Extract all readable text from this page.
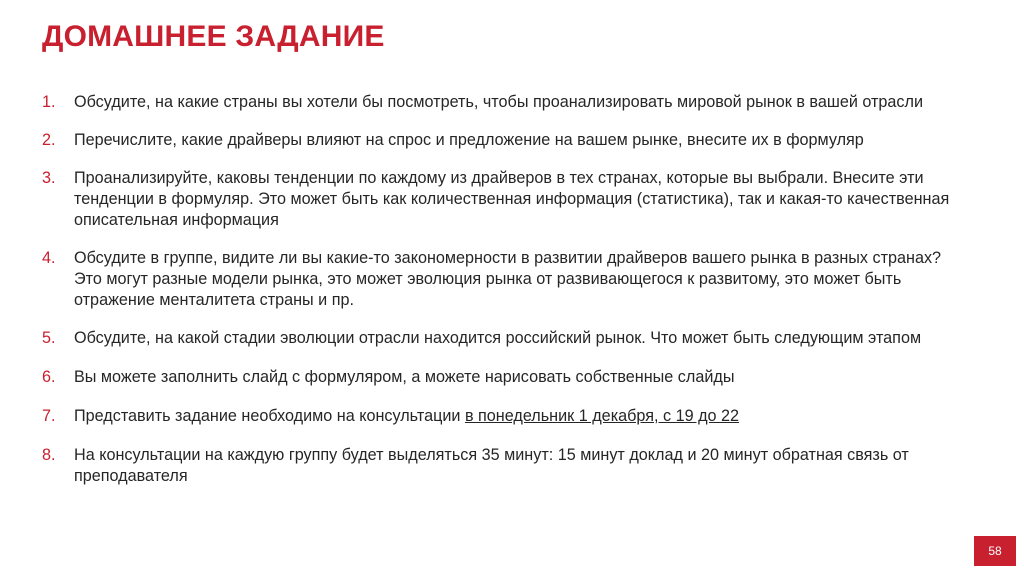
ДОМАШНЕЕ ЗАДАНИЕ
1. Обсудите, на какие страны вы хотели бы посмотреть, чтобы проанализировать мировой рынок в вашей отрасли
2. Перечислите, какие драйверы влияют на спрос и предложение на вашем рынке, внесите их в формуляр
3. Проанализируйте, каковы тенденции по каждому из драйверов в тех странах, которые вы выбрали. Внесите эти тенденции в формуляр. Это может быть как количественная информация (статистика), так и какая-то качественная описательная информация
4. Обсудите в группе, видите ли вы какие-то закономерности в развитии драйверов вашего рынка в разных странах? Это могут разные модели рынка, это может эволюция рынка от развивающегося к развитому, это может быть отражение менталитета страны и пр.
5. Обсудите, на какой стадии эволюции отрасли находится российский рынок. Что может быть следующим этапом
6. Вы можете заполнить слайд с формуляром, а можете нарисовать собственные слайды
7. Представить задание необходимо на консультации в понедельник 1 декабря, с 19 до 22
8. На консультации на каждую группу будет выделяться 35 минут: 15 минут доклад и 20 минут обратная связь от преподавателя
58
